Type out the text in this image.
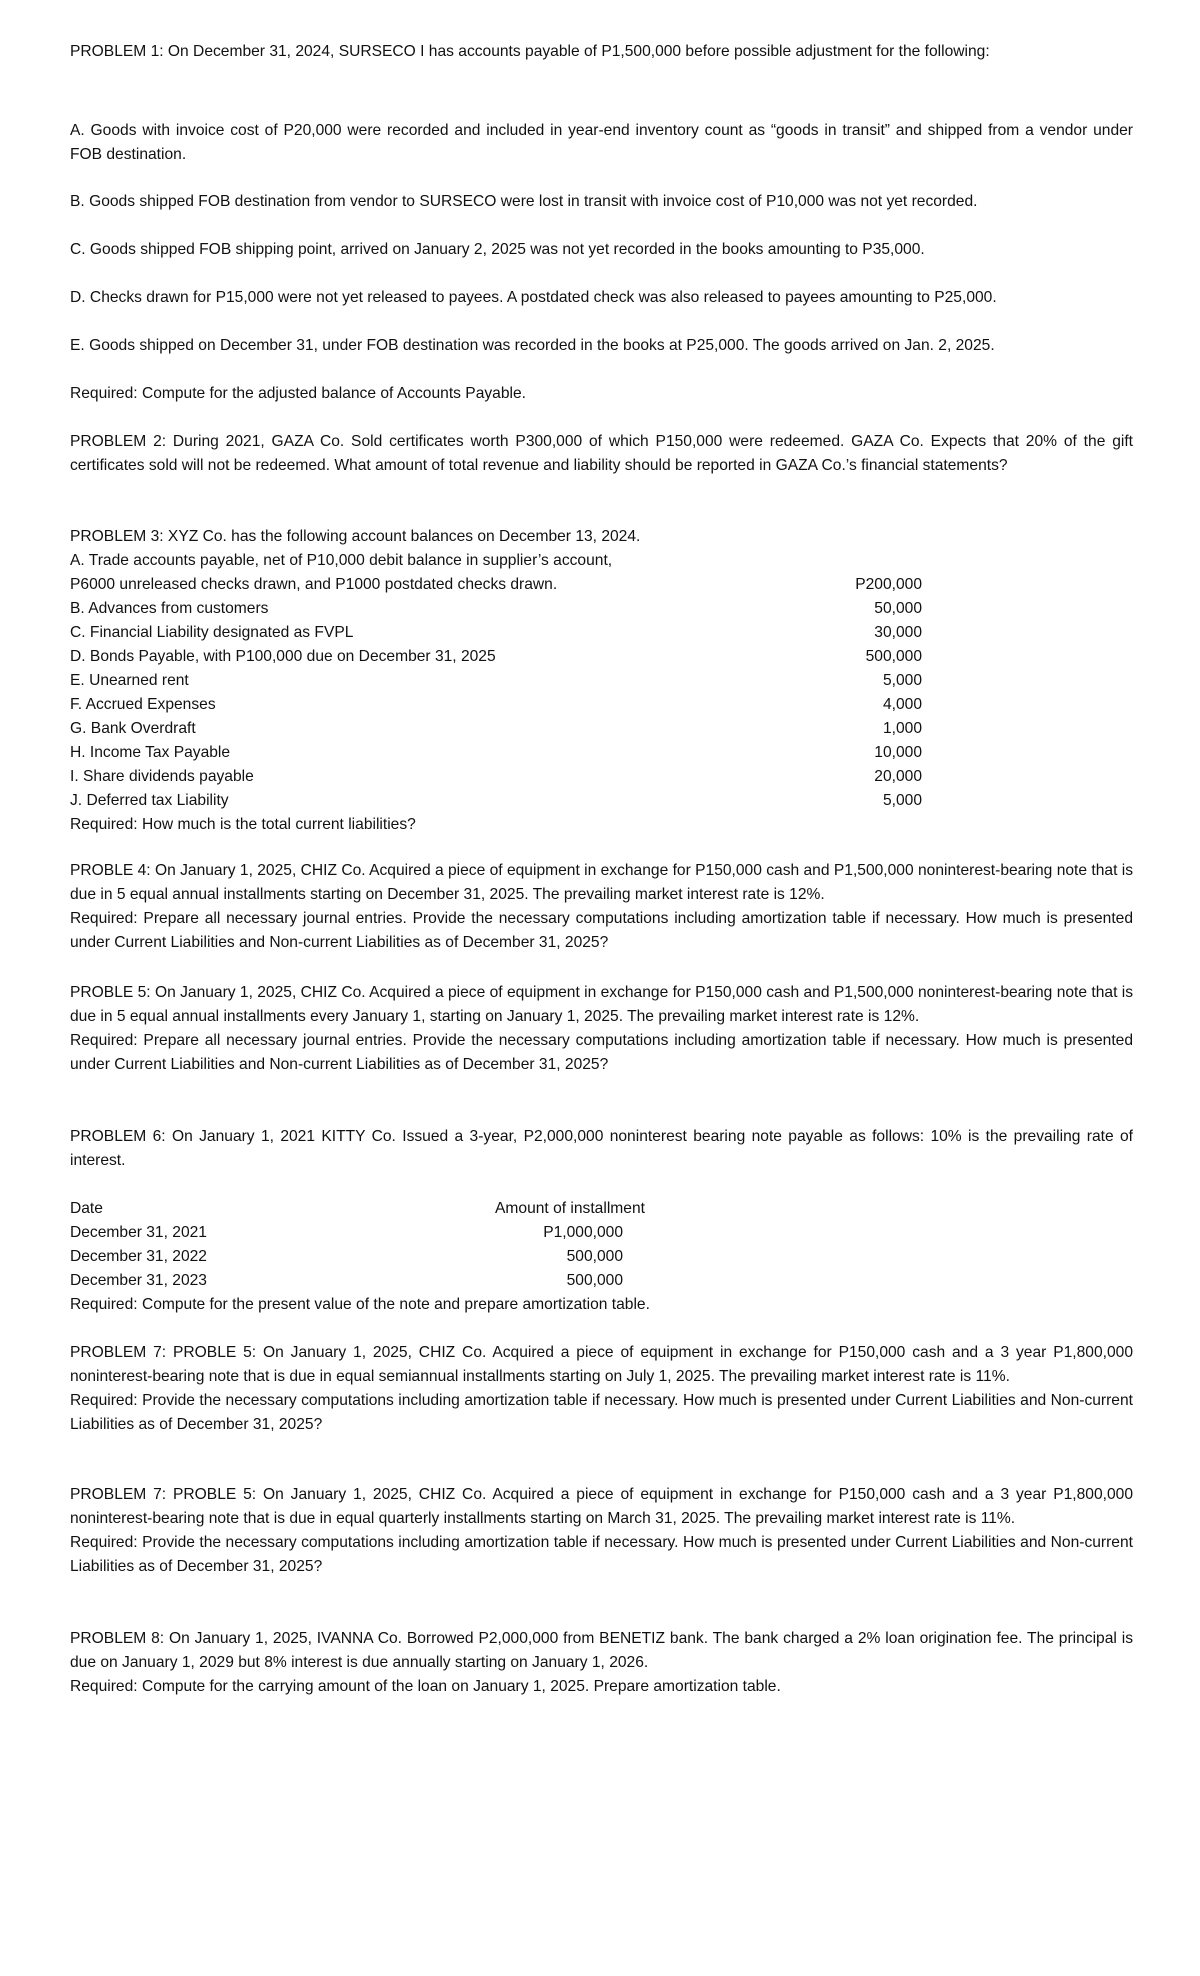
PROBLEM 1: On December 31, 2024, SURSECO I has accounts payable of P1,500,000 before possible adjustment for the following:

A. Goods with invoice cost of P20,000 were recorded and included in year-end inventory count as “goods in transit” and shipped from a vendor under FOB destination.

B. Goods shipped FOB destination from vendor to SURSECO were lost in transit with invoice cost of P10,000 was not yet recorded.

C. Goods shipped FOB shipping point, arrived on January 2, 2025 was not yet recorded in the books amounting to P35,000.

D. Checks drawn for P15,000 were not yet released to payees. A postdated check was also released to payees amounting to P25,000.

E. Goods shipped on December 31, under FOB destination was recorded in the books at P25,000. The goods arrived on Jan. 2, 2025.

Required: Compute for the adjusted balance of Accounts Payable.

PROBLEM 2: During 2021, GAZA Co. Sold certificates worth P300,000 of which P150,000 were redeemed. GAZA Co. Expects that 20% of the gift certificates sold will not be redeemed. What amount of total revenue and liability should be reported in GAZA Co.’s financial statements?

PROBLEM 3: XYZ Co. has the following account balances on December 13, 2024.

A. Trade accounts payable, net of P10,000 debit balance in supplier’s account,

P6000 unreleased checks drawn, and P1000 postdated checks drawn.	P200,000
B. Advances from customers	50,000
C. Financial Liability designated as FVPL	30,000
D. Bonds Payable, with P100,000 due on December 31, 2025	500,000
E. Unearned rent	5,000
F. Accrued Expenses	4,000
G. Bank Overdraft	1,000
H. Income Tax Payable	10,000
I. Share dividends payable	20,000
J. Deferred tax Liability	5,000

Required: How much is the total current liabilities?

PROBLE 4: On January 1, 2025, CHIZ Co. Acquired a piece of equipment in exchange for P150,000 cash and P1,500,000 noninterest-bearing note that is due in 5 equal annual installments starting on December 31, 2025. The prevailing market interest rate is 12%.

Required: Prepare all necessary journal entries. Provide the necessary computations including amortization table if necessary. How much is presented under Current Liabilities and Non-current Liabilities as of December 31, 2025?

PROBLE 5: On January 1, 2025, CHIZ Co. Acquired a piece of equipment in exchange for P150,000 cash and P1,500,000 noninterest-bearing note that is due in 5 equal annual installments every January 1, starting on January 1, 2025. The prevailing market interest rate is 12%.

Required: Prepare all necessary journal entries. Provide the necessary computations including amortization table if necessary. How much is presented under Current Liabilities and Non-current Liabilities as of December 31, 2025?

PROBLEM 6: On January 1, 2021 KITTY Co. Issued a 3-year, P2,000,000 noninterest bearing note payable as follows: 10% is the prevailing rate of interest.

Date	Amount of installment
December 31, 2021	P1,000,000
December 31, 2022	500,000
December 31, 2023	500,000

Required: Compute for the present value of the note and prepare amortization table.

PROBLEM 7: PROBLE 5: On January 1, 2025, CHIZ Co. Acquired a piece of equipment in exchange for P150,000 cash and a 3 year P1,800,000 noninterest-bearing note that is due in equal semiannual installments starting on July 1, 2025. The prevailing market interest rate is 11%.

Required: Provide the necessary computations including amortization table if necessary. How much is presented under Current Liabilities and Non-current Liabilities as of December 31, 2025?

PROBLEM 7: PROBLE 5: On January 1, 2025, CHIZ Co. Acquired a piece of equipment in exchange for P150,000 cash and a 3 year P1,800,000 noninterest-bearing note that is due in equal quarterly installments starting on March 31, 2025. The prevailing market interest rate is 11%.

Required: Provide the necessary computations including amortization table if necessary. How much is presented under Current Liabilities and Non-current Liabilities as of December 31, 2025?

PROBLEM 8: On January 1, 2025, IVANNA Co. Borrowed P2,000,000 from BENETIZ bank. The bank charged a 2% loan origination fee. The principal is due on January 1, 2029 but 8% interest is due annually starting on January 1, 2026.

Required: Compute for the carrying amount of the loan on January 1, 2025. Prepare amortization table.
